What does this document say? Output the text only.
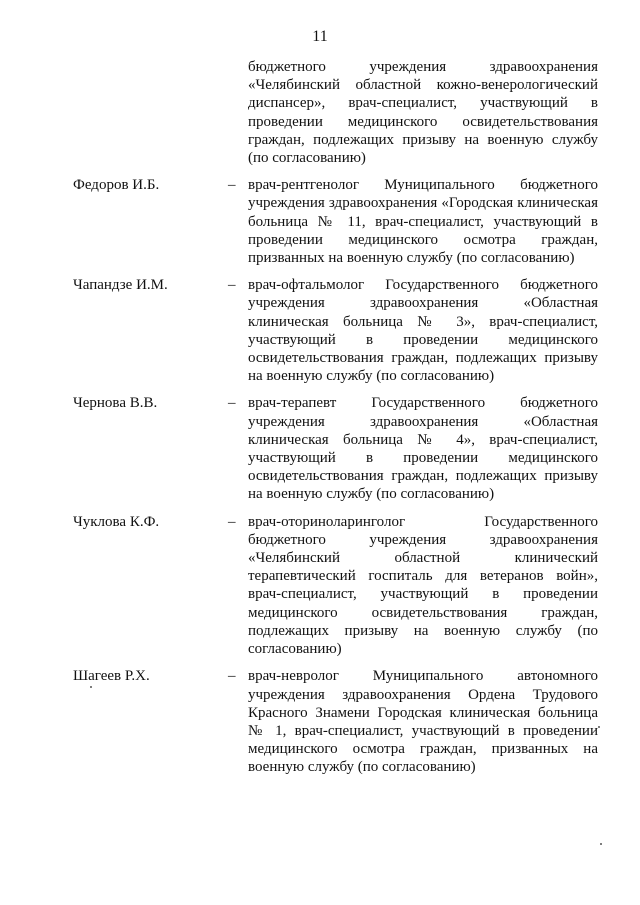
11
бюджетного учреждения здравоохранения «Челябинский областной кожно-венерологический диспансер», врач-специалист, участвующий в проведении медицинского освидетельствования граждан, подлежащих призыву на военную службу (по согласованию)
Федоров И.Б.	– врач-рентгенолог Муниципального бюджетного учреждения здравоохранения «Городская клиническая больница № 11, врач-специалист, участвующий в проведении медицинского осмотра граждан, призванных на военную службу (по согласованию)
Чапандзе И.М.	– врач-офтальмолог Государственного бюджетного учреждения здравоохранения «Областная клиническая больница № 3», врач-специалист, участвующий в проведении медицинского освидетельствования граждан, подлежащих призыву на военную службу (по согласованию)
Чернова В.В.	– врач-терапевт Государственного бюджетного учреждения здравоохранения «Областная клиническая больница № 4», врач-специалист, участвующий в проведении медицинского освидетельствования граждан, подлежащих призыву на военную службу (по согласованию)
Чуклова К.Ф.	– врач-оториноларинголог Государственного бюджетного учреждения здравоохранения «Челябинский областной клинический терапевтический госпиталь для ветеранов войн», врач-специалист, участвующий в проведении медицинского освидетельствования граждан, подлежащих призыву на военную службу (по согласованию)
Шагеев Р.Х.	– врач-невролог Муниципального автономного учреждения здравоохранения Ордена Трудового Красного Знамени Городская клиническая больница № 1, врач-специалист, участвующий в проведении медицинского осмотра граждан, призванных на военную службу (по согласованию)
